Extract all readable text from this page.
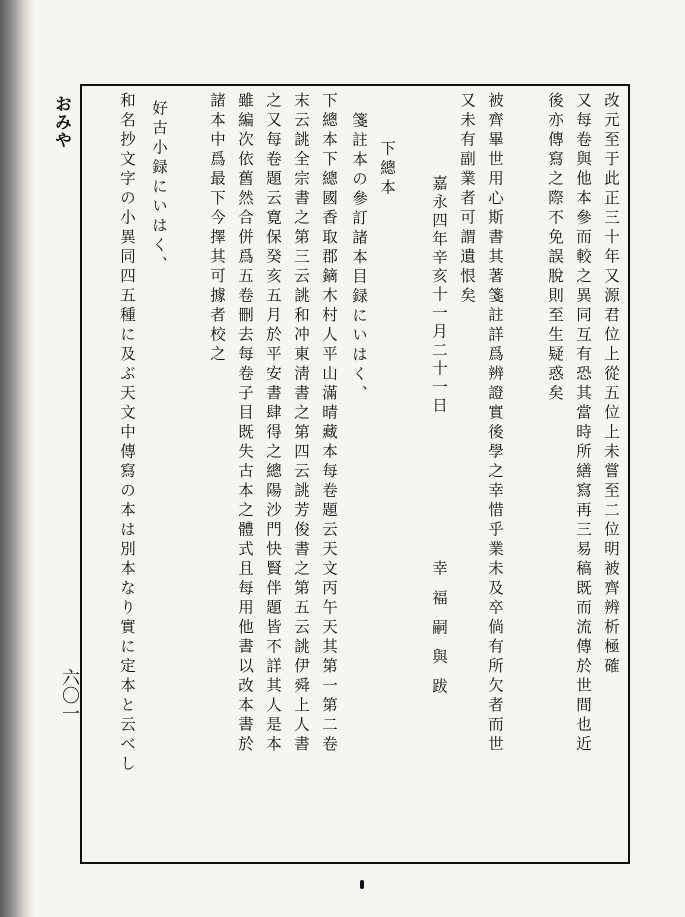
おみや
六〇一
改元至于此正三十年又源君位上從五位上未嘗至二位明被齊辨析極確
又每卷與他本參而較之異同互有恐其當時所繕寫再三易稿既而流傳於世間也近
後亦傳寫之際不免誤脫則至生疑惑矣
被齊畢世用心斯書其著箋註詳爲辨證實後學之幸惜乎業未及卒倘有所欠者而世
又未有副業者可謂遺恨矣
嘉永四年辛亥十一月二十一日
幸福嗣與跋
下總本
箋註本の參訂諸本目録にいはく、
下總本下總國香取郡鏑木村人平山滿晴藏本每卷題云天文丙午天其第一第二卷
末云誂全宗書之第三云誂和冲東淸書之第四云誂芳俊書之第五云誂伊舜上人書
之又每卷題云寛保癸亥五月於平安書肆得之總陽沙門快賢伴題皆不詳其人是本
雖編次依舊然合併爲五卷刪去每卷子目既失古本之體式且每用他書以改本書於
諸本中爲最下今擇其可據者校之
好古小録にいはく、
和名抄文字の小異同四五種に及ぶ天文中傳寫の本は別本なり實に定本と云べし
